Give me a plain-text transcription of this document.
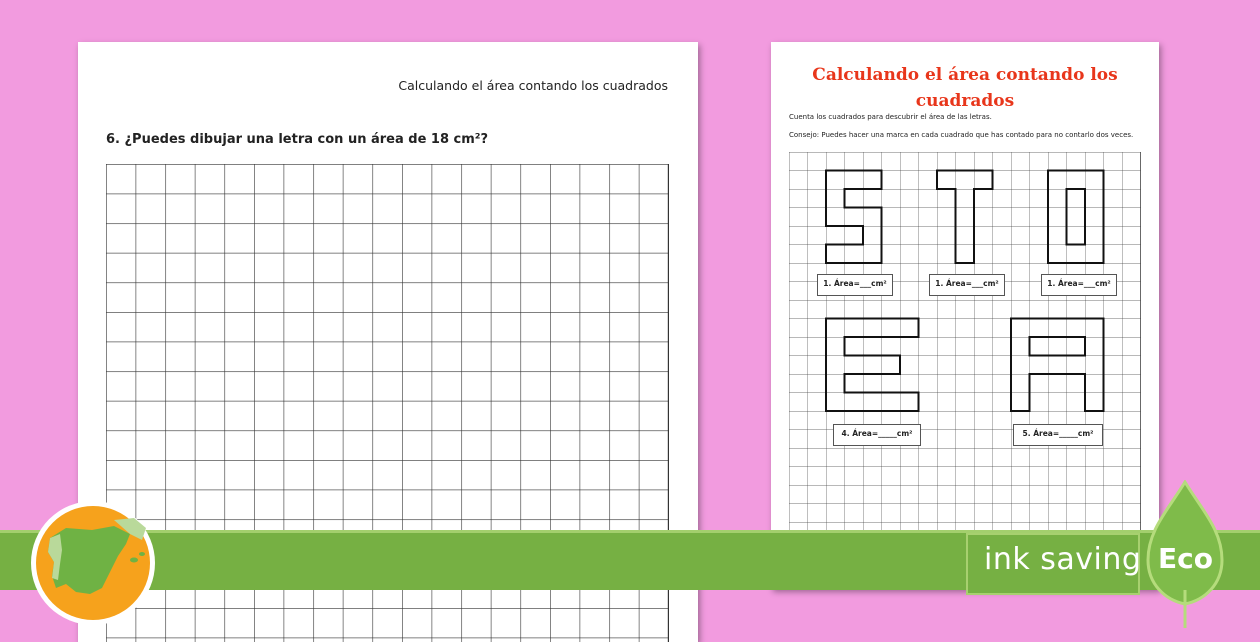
Calculando el área contando los cuadrados
6. ¿Puedes dibujar una letra con un área de 18 cm²?
Calculando el área contando los
cuadrados
Cuenta los cuadrados para descubrir el área de las letras.
Consejo: Puedes hacer una marca en cada cuadrado que has contado para no contarlo dos veces.
1. Área=___cm²	1. Área=___cm²	1. Área=___cm²
4. Área=_____cm²	5. Área=_____cm²
ink saving Eco
